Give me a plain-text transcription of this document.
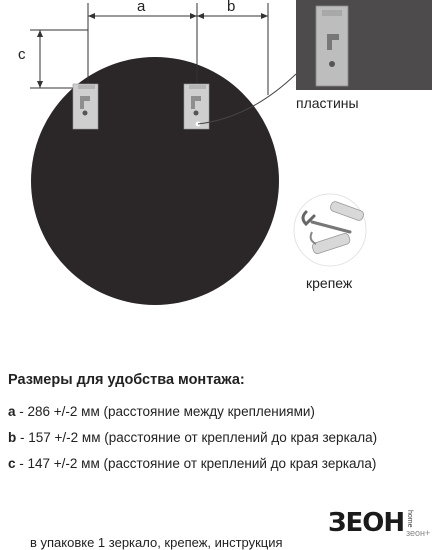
a	b
c
пластины
крепеж
Размеры для удобства монтажа:
a - 286 +/-2 мм (расстояние между креплениями)
b - 157 +/-2 мм (расстояние от креплений до края зеркала)
c - 147 +/-2 мм (расстояние от креплений до края зеркала)
ЗЕОН home
зеон+
в упаковке 1 зеркало, крепеж, инструкция
